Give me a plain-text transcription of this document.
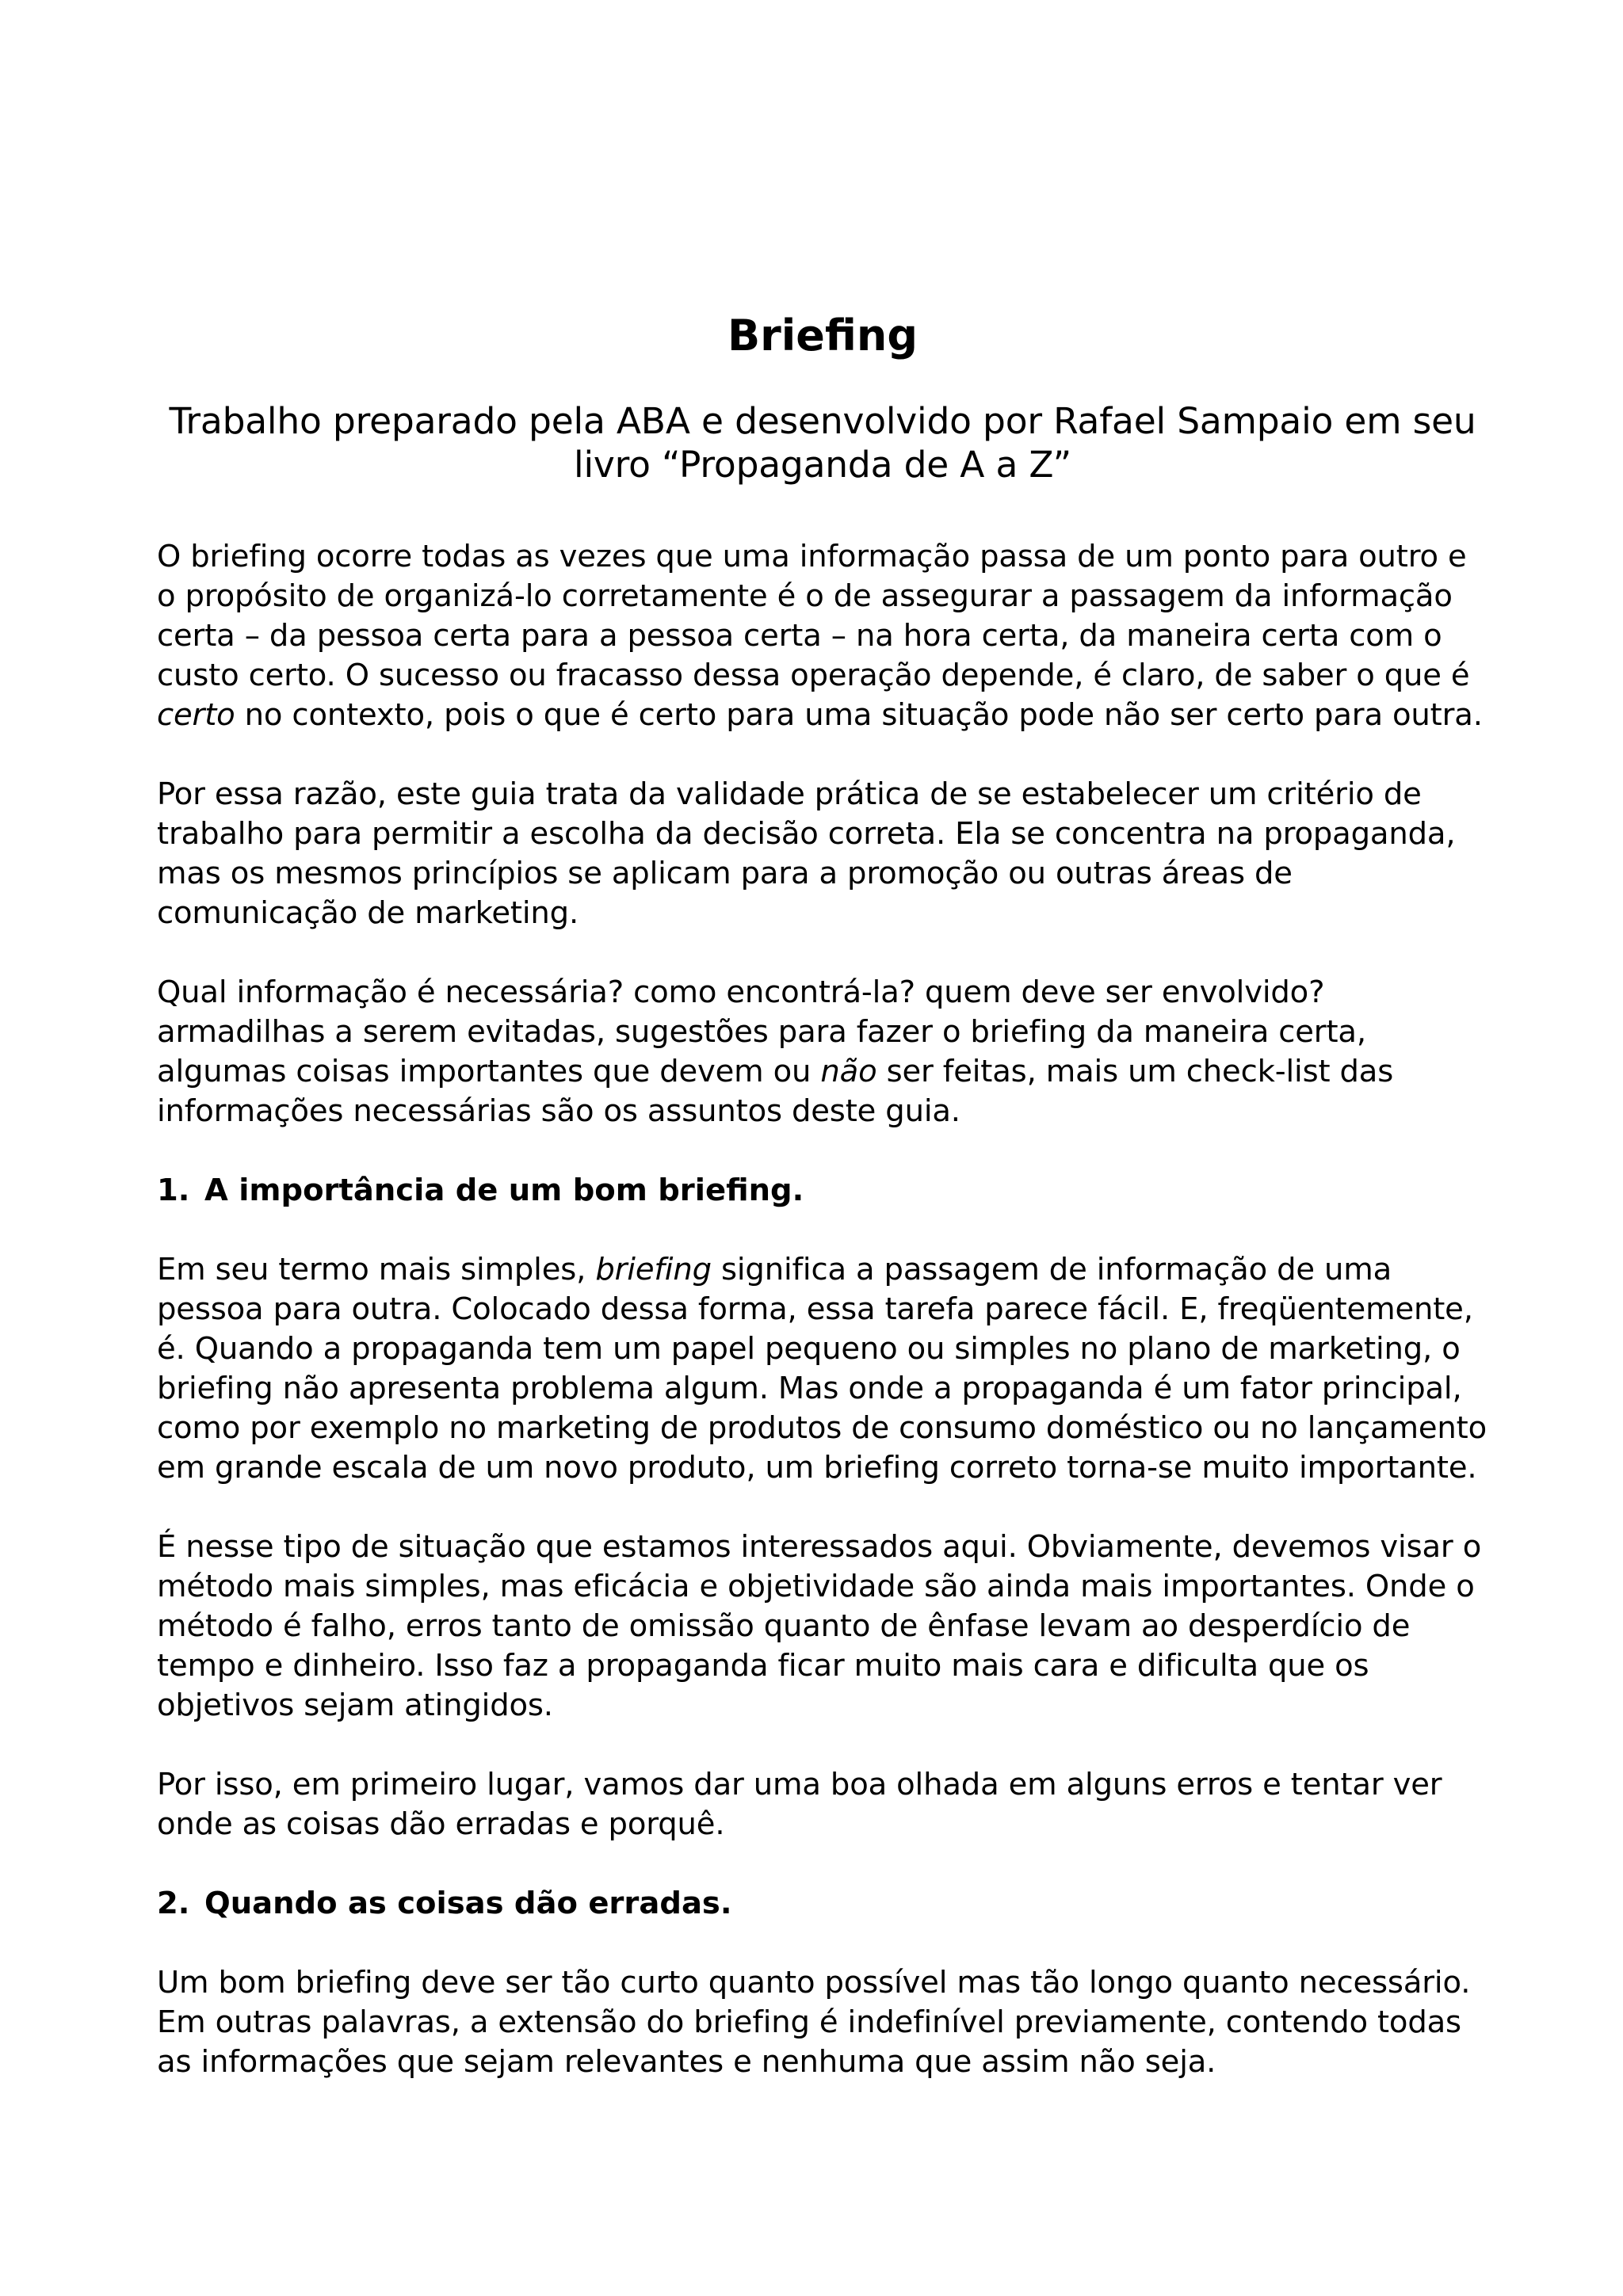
Briefing
Trabalho preparado pela ABA e desenvolvido por Rafael Sampaio em seu livro “Propaganda de A a Z”

O briefing ocorre todas as vezes que uma informação passa de um ponto para outro e o propósito de organizá-lo corretamente é o de assegurar a passagem da informação certa – da pessoa certa para a pessoa certa – na hora certa, da maneira certa com o custo certo. O sucesso ou fracasso dessa operação depende, é claro, de saber o que é certo no contexto, pois o que é certo para uma situação pode não ser certo para outra.

Por essa razão, este guia trata da validade prática de se estabelecer um critério de trabalho para permitir a escolha da decisão correta. Ela se concentra na propaganda, mas os mesmos princípios se aplicam para a promoção ou outras áreas de comunicação de marketing.

Qual informação é necessária? como encontrá-la? quem deve ser envolvido? armadilhas a serem evitadas, sugestões para fazer o briefing da maneira certa, algumas coisas importantes que devem ou não ser feitas, mais um check-list das informações necessárias são os assuntos deste guia.

1. A importância de um bom briefing.

Em seu termo mais simples, briefing significa a passagem de informação de uma pessoa para outra. Colocado dessa forma, essa tarefa parece fácil. E, freqüentemente, é. Quando a propaganda tem um papel pequeno ou simples no plano de marketing, o briefing não apresenta problema algum. Mas onde a propaganda é um fator principal, como por exemplo no marketing de produtos de consumo doméstico ou no lançamento em grande escala de um novo produto, um briefing correto torna-se muito importante.

É nesse tipo de situação que estamos interessados aqui. Obviamente, devemos visar o método mais simples, mas eficácia e objetividade são ainda mais importantes. Onde o método é falho, erros tanto de omissão quanto de ênfase levam ao desperdício de tempo e dinheiro. Isso faz a propaganda ficar muito mais cara e dificulta que os objetivos sejam atingidos.

Por isso, em primeiro lugar, vamos dar uma boa olhada em alguns erros e tentar ver onde as coisas dão erradas e porquê.

2. Quando as coisas dão erradas.

Um bom briefing deve ser tão curto quanto possível mas tão longo quanto necessário. Em outras palavras, a extensão do briefing é indefinível previamente, contendo todas as informações que sejam relevantes e nenhuma que assim não seja.
